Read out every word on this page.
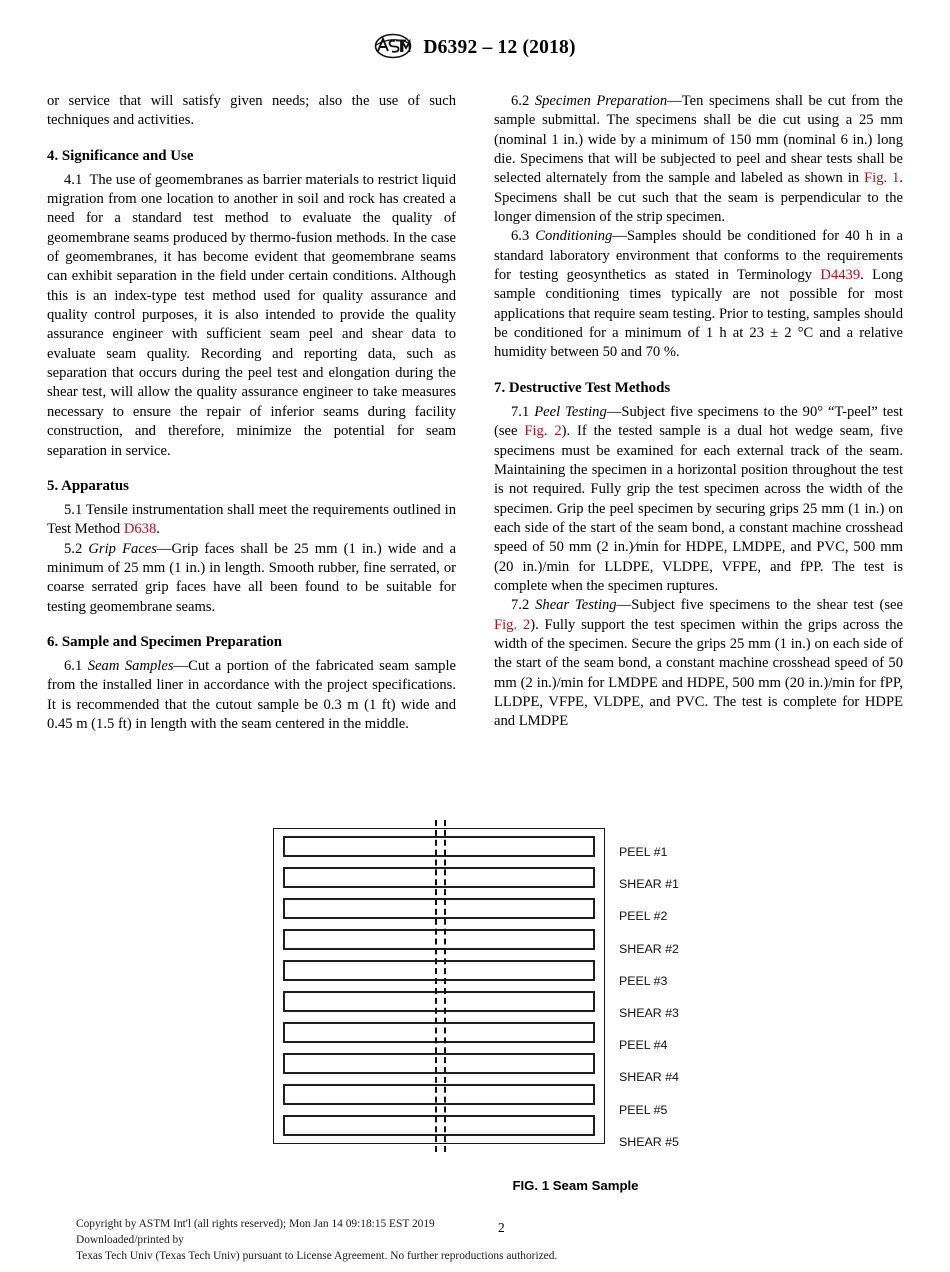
D6392 – 12 (2018)

or service that will satisfy given needs; also the use of such techniques and activities.

4. Significance and Use

4.1 The use of geomembranes as barrier materials to restrict liquid migration from one location to another in soil and rock has created a need for a standard test method to evaluate the quality of geomembrane seams produced by thermo-fusion methods. In the case of geomembranes, it has become evident that geomembrane seams can exhibit separation in the field under certain conditions. Although this is an index-type test method used for quality assurance and quality control purposes, it is also intended to provide the quality assurance engineer with sufficient seam peel and shear data to evaluate seam quality. Recording and reporting data, such as separation that occurs during the peel test and elongation during the shear test, will allow the quality assurance engineer to take measures necessary to ensure the repair of inferior seams during facility construction, and therefore, minimize the potential for seam separation in service.

5. Apparatus

5.1 Tensile instrumentation shall meet the requirements outlined in Test Method D638.

5.2 Grip Faces—Grip faces shall be 25 mm (1 in.) wide and a minimum of 25 mm (1 in.) in length. Smooth rubber, fine serrated, or coarse serrated grip faces have all been found to be suitable for testing geomembrane seams.

6. Sample and Specimen Preparation

6.1 Seam Samples—Cut a portion of the fabricated seam sample from the installed liner in accordance with the project specifications. It is recommended that the cutout sample be 0.3 m (1 ft) wide and 0.45 m (1.5 ft) in length with the seam centered in the middle.

6.2 Specimen Preparation—Ten specimens shall be cut from the sample submittal. The specimens shall be die cut using a 25 mm (nominal 1 in.) wide by a minimum of 150 mm (nominal 6 in.) long die. Specimens that will be subjected to peel and shear tests shall be selected alternately from the sample and labeled as shown in Fig. 1. Specimens shall be cut such that the seam is perpendicular to the longer dimension of the strip specimen.

6.3 Conditioning—Samples should be conditioned for 40 h in a standard laboratory environment that conforms to the requirements for testing geosynthetics as stated in Terminology D4439. Long sample conditioning times typically are not possible for most applications that require seam testing. Prior to testing, samples should be conditioned for a minimum of 1 h at 23 ± 2 °C and a relative humidity between 50 and 70 %.

7. Destructive Test Methods

7.1 Peel Testing—Subject five specimens to the 90° “T-peel” test (see Fig. 2). If the tested sample is a dual hot wedge seam, five specimens must be examined for each external track of the seam. Maintaining the specimen in a horizontal position throughout the test is not required. Fully grip the test specimen across the width of the specimen. Grip the peel specimen by securing grips 25 mm (1 in.) on each side of the start of the seam bond, a constant machine crosshead speed of 50 mm (2 in.)⁄min for HDPE, LMDPE, and PVC, 500 mm (20 in.)/min for LLDPE, VLDPE, VFPE, and fPP. The test is complete when the specimen ruptures.

7.2 Shear Testing—Subject five specimens to the shear test (see Fig. 2). Fully support the test specimen within the grips across the width of the specimen. Secure the grips 25 mm (1 in.) on each side of the start of the seam bond, a constant machine crosshead speed of 50 mm (2 in.)/min for LMDPE and HDPE, 500 mm (20 in.)/min for fPP, LLDPE, VFPE, VLDPE, and PVC. The test is complete for HDPE and LMDPE

PEEL #1
SHEAR #1
PEEL #2
SHEAR #2
PEEL #3
SHEAR #3
PEEL #4
SHEAR #4
PEEL #5
SHEAR #5
FIG. 1 Seam Sample
Copyright by ASTM Int'l (all rights reserved); Mon Jan 14 09:18:15 EST 2019
Downloaded/printed by
Texas Tech Univ (Texas Tech Univ) pursuant to License Agreement. No further reproductions authorized.
2
